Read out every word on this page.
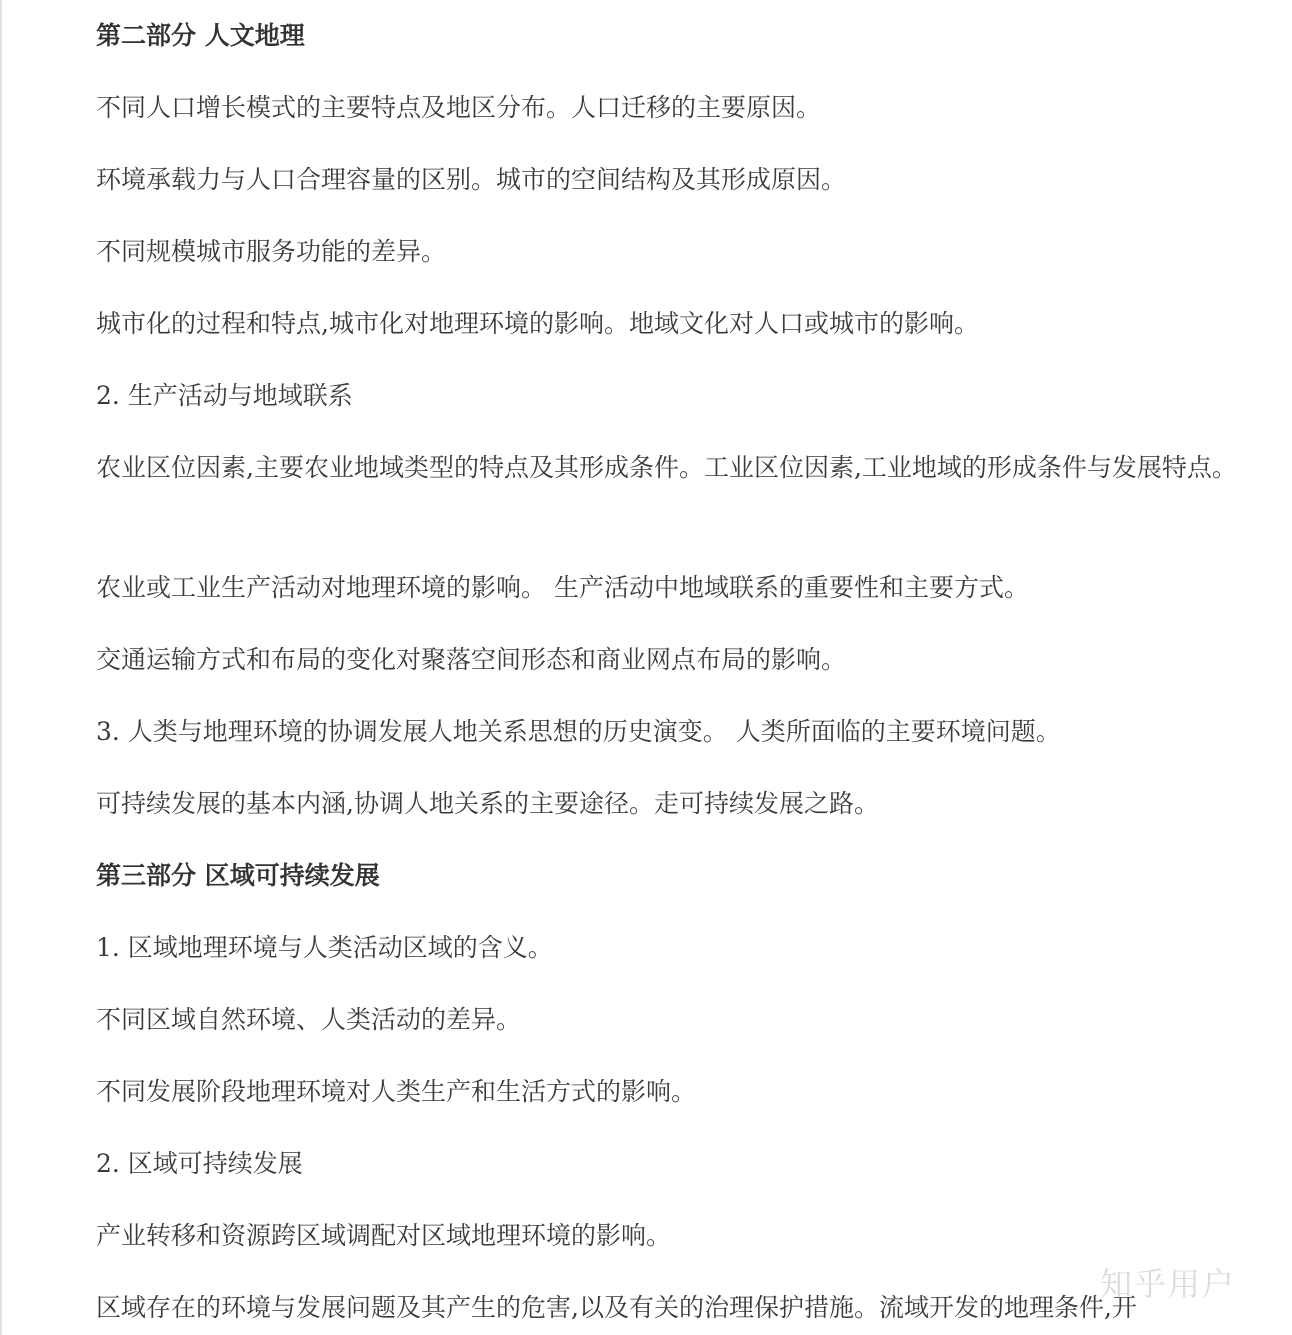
第二部分 人文地理

不同人口增长模式的主要特点及地区分布。人口迁移的主要原因。

环境承载力与人口合理容量的区别。城市的空间结构及其形成原因。

不同规模城市服务功能的差异。

城市化的过程和特点,城市化对地理环境的影响。地域文化对人口或城市的影响。

2. 生产活动与地域联系

农业区位因素,主要农业地域类型的特点及其形成条件。工业区位因素,工业地域的形成条件与发展特点。

农业或工业生产活动对地理环境的影响。 生产活动中地域联系的重要性和主要方式。

交通运输方式和布局的变化对聚落空间形态和商业网点布局的影响。

3. 人类与地理环境的协调发展人地关系思想的历史演变。 人类所面临的主要环境问题。

可持续发展的基本内涵,协调人地关系的主要途径。走可持续发展之路。

第三部分 区域可持续发展

1. 区域地理环境与人类活动区域的含义。

不同区域自然环境、人类活动的差异。

不同发展阶段地理环境对人类生产和生活方式的影响。

2. 区域可持续发展

产业转移和资源跨区域调配对区域地理环境的影响。

区域存在的环境与发展问题及其产生的危害,以及有关的治理保护措施。流域开发的地理条件,开

知乎用户
